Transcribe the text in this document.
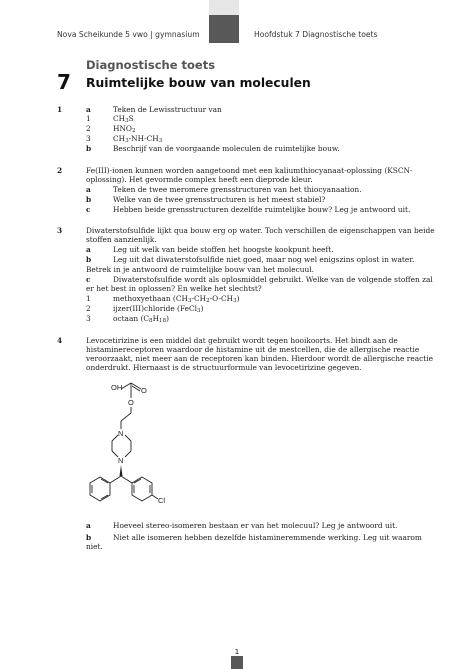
Nova Scheikunde 5 vwo | gymnasium	Hoofdstuk 7 Diagnostische toets
Diagnostische toets
7 Ruimtelijke bouw van moleculen
1	a	Teken de Lewisstructuur van
1	$CH_3S$
2	$HNO_2$
3	$CH_3-NH-CH_3$
b	Beschrijf van de voorgaande moleculen de ruimtelijke bouw.
2	Fe(III)-ionen kunnen worden aangetoond met een kaliumthiocyanaat-oplossing (KSCN-
oplossing). Het gevormde complex heeft een dieprode kleur.
a	Teken de twee meromere grensstructuren van het thiocyanaation.
b	Welke van de twee grensstructuren is het meest stabiel?
c	Hebben beide grensstructuren dezelfde ruimtelijke bouw? Leg je antwoord uit.
3	Diwaterstofsulfide lijkt qua bouw erg op water. Toch verschillen de eigenschappen van beide
stoffen aanzienlijk.
a	Leg uit welk van beide stoffen het hoogste kookpunt heeft.
b	Leg uit dat diwaterstofsulfide niet goed, maar nog wel enigszins oplost in water.
Betrek in je antwoord de ruimtelijke bouw van het molecuul.
c	Diwaterstofsulfide wordt als oplosmiddel gebruikt. Welke van de volgende stoffen zal
er het best in oplossen? En welke het slechtst?
1	methoxyethaan $(CH_3-CH_2-O-CH_3)$
2	ijzer(III)chloride (FeCl$_3$)
3	octaan $(C_8H_{18})$
4	Levocetirizine is een middel dat gebruikt wordt tegen hooikoorts. Het bindt aan de
histaminereceptoren waardoor de histamine uit de mestcellen, die de allergische reactie
veroorzaakt, niet meer aan de receptoren kan binden. Hierdoor wordt de allergische reactie
onderdrukt. Hiernaast is de structuurformule van levocetirizine gegeven.
OH	O
O
N
N
Cl
a	Hoeveel stereo-isomeren bestaan er van het molecuul? Leg je antwoord uit.
b	Niet alle isomeren hebben dezelfde histamineremmende werking. Leg uit waarom
niet.
1
